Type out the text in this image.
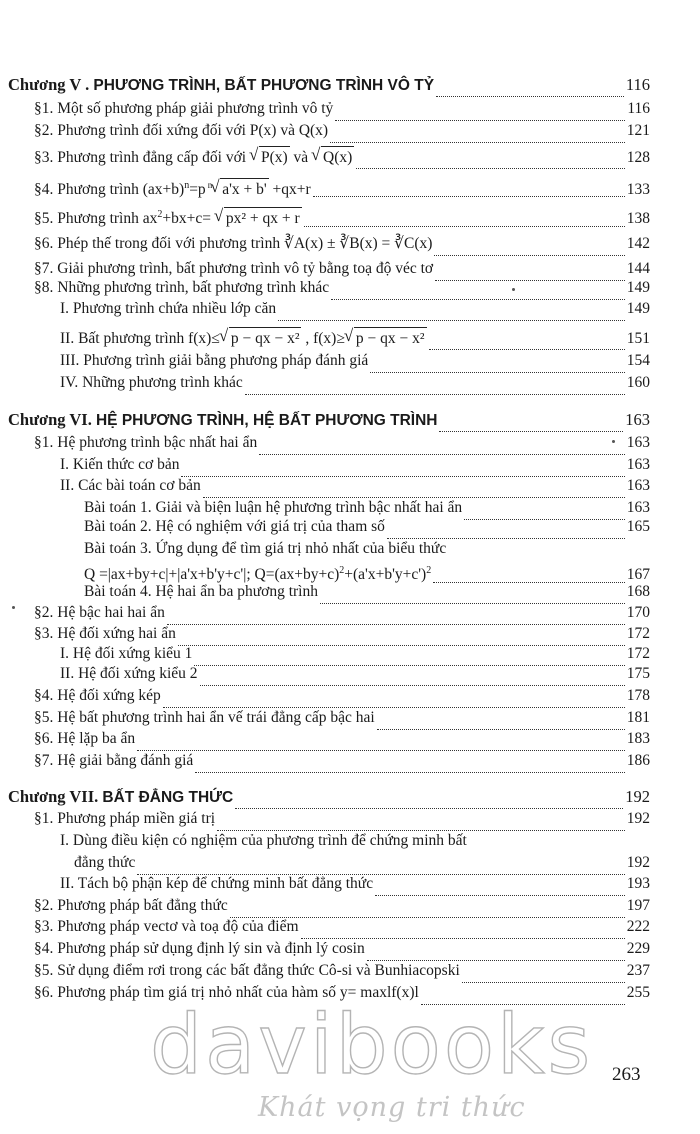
Chương V . PHƯƠNG TRÌNH, BẤT PHƯƠNG TRÌNH VÔ TỶ	116
§1. Một số phương pháp giải phương trình vô tỷ	116
§2. Phương trình đối xứng đối với P(x) và Q(x)	121
§3. Phương trình đẳng cấp đối với √ P(x) và √ Q(x)	128
§4. Phương trình $(ax+b)^n=p$ $^n$ √ a'x + b' +qx+r	133
§5. Phương trình $ax^2+bx+c=$ √ px² + qx + r	138
§6. Phép thế trong đối với phương trình ∛A(x) ± ∛B(x) = ∛C(x)	142
§7. Giải phương trình, bất phương trình vô tỷ bằng toạ độ véc tơ	144
§8. Những phương trình, bất phương trình khác	149
I. Phương trình chứa nhiều lớp căn	149
II. Bất phương trình f(x)≤ √ p − qx − x² , f(x)≥ √ p − qx − x²	151
III. Phương trình giải bằng phương pháp đánh giá	154
IV. Những phương trình khác	160
Chương VI. HỆ PHƯƠNG TRÌNH, HỆ BẤT PHƯƠNG TRÌNH	163
§1. Hệ phương trình bậc nhất hai ẩn	163
I. Kiến thức cơ bản	163
II. Các bài toán cơ bản	163
Bài toán 1. Giải và biện luận hệ phương trình bậc nhất hai ẩn	163
Bài toán 2. Hệ có nghiệm với giá trị của tham số	165
Bài toán 3. Ứng dụng để tìm giá trị nhỏ nhất của biểu thức
Q =|ax+by+c|+|a'x+b'y+c'|; $Q=(ax+by+c)^2+(a'x+b'y+c')^2$	167
Bài toán 4. Hệ hai ẩn ba phương trình	168
§2. Hệ bậc hai hai ẩn	170
§3. Hệ đối xứng hai ẩn	172
I. Hệ đối xứng kiểu 1	172
II. Hệ đối xứng kiểu 2	175
§4. Hệ đối xứng kép	178
§5. Hệ bất phương trình hai ẩn vế trái đẳng cấp bậc hai	181
§6. Hệ lặp ba ẩn	183
§7. Hệ giải bằng đánh giá	186
Chương VII. BẤT ĐẲNG THỨC	192
§1. Phương pháp miền giá trị	192
I. Dùng điều kiện có nghiệm của phương trình để chứng minh bất
đẳng thức	192
II. Tách bộ phận kép để chứng minh bất đẳng thức	193
§2. Phương pháp bất đẳng thức	197
§3. Phương pháp vectơ và toạ độ của điểm	222
§4. Phương pháp sử dụng định lý sin và định lý cosin	229
§5. Sử dụng điểm rơi trong các bất đẳng thức Cô-si và Bunhiacopski	237
§6. Phương pháp tìm giá trị nhỏ nhất của hàm số y= maxlf(x)l	255
davibooks
Khát vọng tri thức
263
